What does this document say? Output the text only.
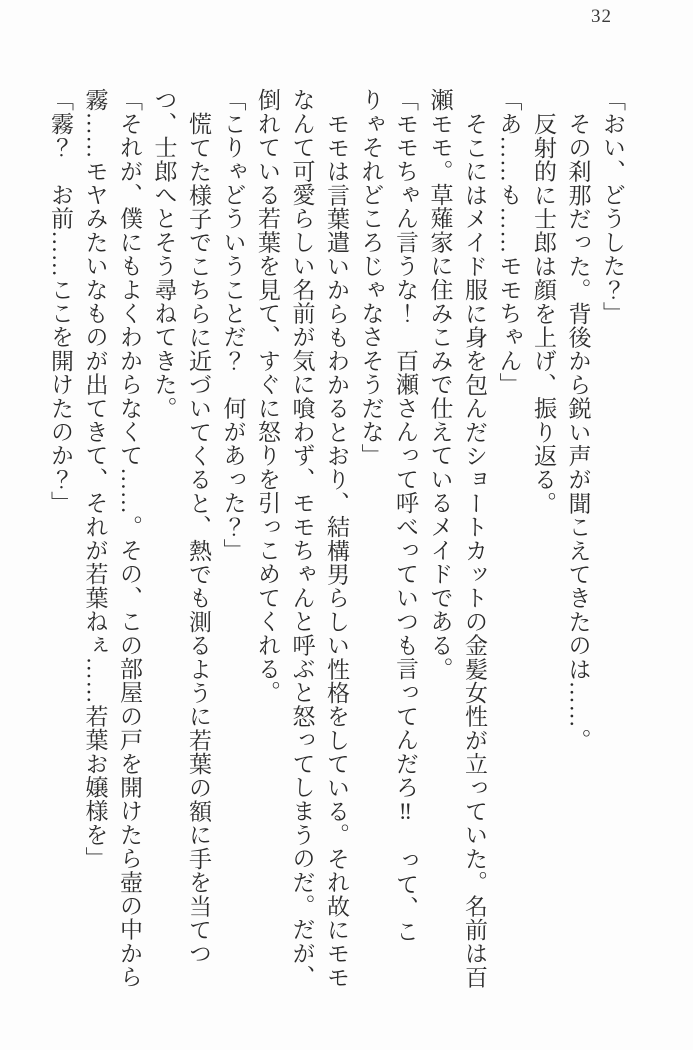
32

「おい、どうした？」

その刹那だった。背後から鋭い声が聞こえてきたのは……。

反射的に士郎は顔を上げ、振り返る。

「あ……も……モモちゃん」

そこにはメイド服に身を包んだショートカットの金髪女性が立っていた。名前は百瀬モモ。草薙家に住みこみで仕えているメイドである。

「モモちゃん言うな！　百瀬さんって呼べっていつも言ってんだろ‼　って、こりゃそれどころじゃなさそうだな」

モモは言葉遣いからもわかるとおり、結構男らしい性格をしている。それ故にモモなんて可愛らしい名前が気に喰わず、モモちゃんと呼ぶと怒ってしまうのだ。だが、倒れている若葉を見て、すぐに怒りを引っこめてくれる。

「こりゃどういうことだ？　何があった？」

慌てた様子でこちらに近づいてくると、熱でも測るように若葉の額に手を当てつつ、士郎へとそう尋ねてきた。

「それが、僕にもよくわからなくて……。その、この部屋の戸を開けたら壺の中から霧……モヤみたいなものが出てきて、それが若葉ねぇ……若葉お嬢様を」

「霧？　お前……ここを開けたのか？」
